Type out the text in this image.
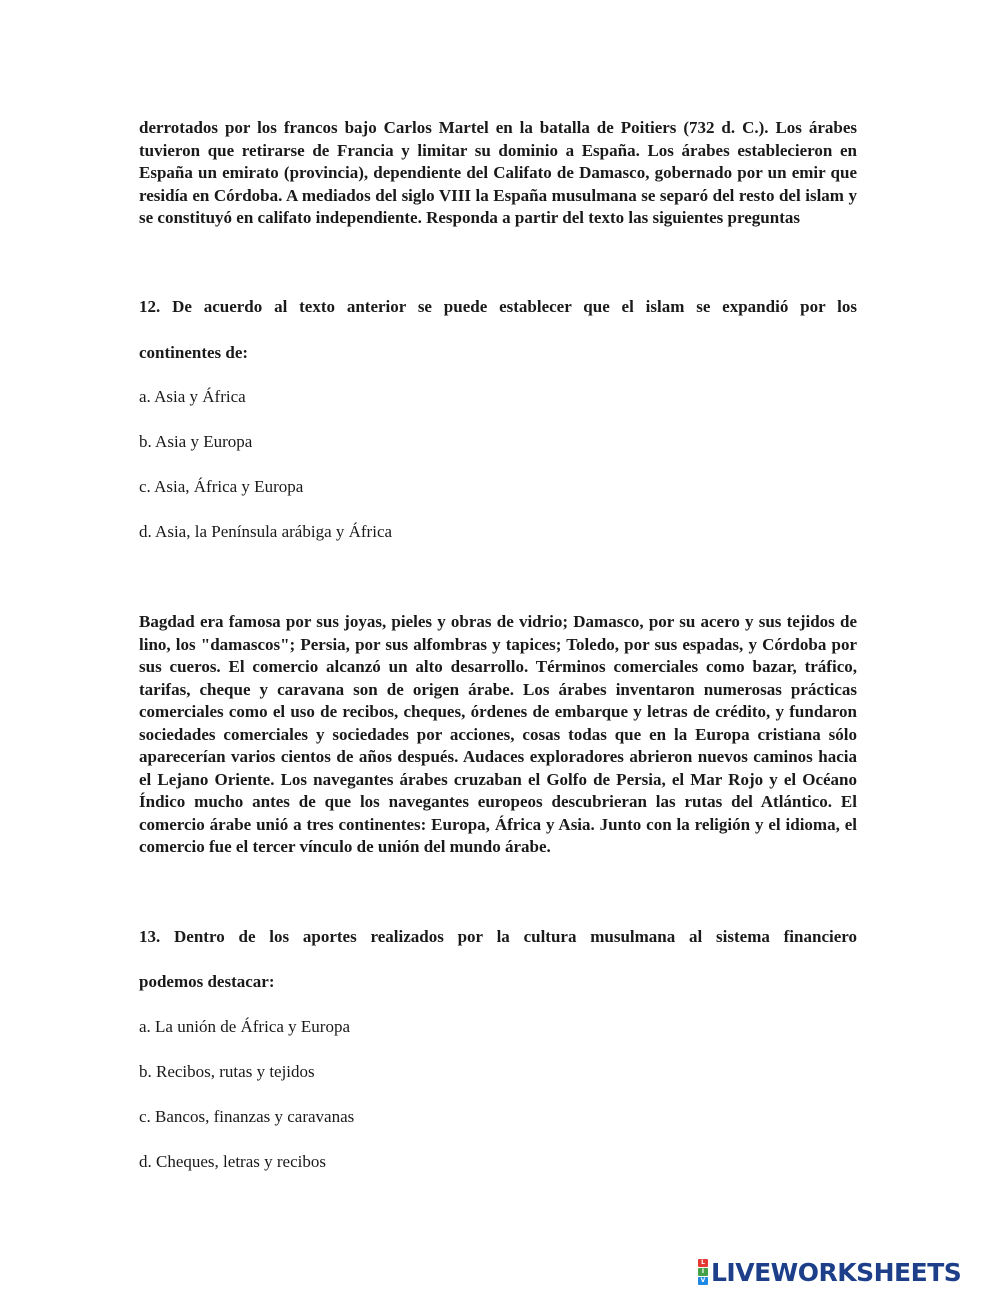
derrotados por los francos bajo Carlos Martel en la batalla de Poitiers (732 d. C.). Los árabes tuvieron que retirarse de Francia y limitar su dominio a España. Los árabes establecieron en España un emirato (provincia), dependiente del Califato de Damasco, gobernado por un emir que residía en Córdoba. A mediados del siglo VIII la España musulmana se separó del resto del islam y se constituyó en califato independiente. Responda a partir del texto las siguientes preguntas

12. De acuerdo al texto anterior se puede establecer que el islam se expandió por los

continentes de:

a. Asia y África

b. Asia y Europa

c. Asia, África y Europa

d. Asia, la Península arábiga y África

Bagdad era famosa por sus joyas, pieles y obras de vidrio; Damasco, por su acero y sus tejidos de lino, los "damascos"; Persia, por sus alfombras y tapices; Toledo, por sus espadas, y Córdoba por sus cueros. El comercio alcanzó un alto desarrollo. Términos comerciales como bazar, tráfico, tarifas, cheque y caravana son de origen árabe. Los árabes inventaron numerosas prácticas comerciales como el uso de recibos, cheques, órdenes de embarque y letras de crédito, y fundaron sociedades comerciales y sociedades por acciones, cosas todas que en la Europa cristiana sólo aparecerían varios cientos de años después. Audaces exploradores abrieron nuevos caminos hacia el Lejano Oriente. Los navegantes árabes cruzaban el Golfo de Persia, el Mar Rojo y el Océano Índico mucho antes de que los navegantes europeos descubrieran las rutas del Atlántico. El comercio árabe unió a tres continentes: Europa, África y Asia. Junto con la religión y el idioma, el comercio fue el tercer vínculo de unión del mundo árabe.

13. Dentro de los aportes realizados por la cultura musulmana al sistema financiero

podemos destacar:

a. La unión de África y Europa

b. Recibos, rutas y tejidos

c. Bancos, finanzas y caravanas

d. Cheques, letras y recibos

L
I
V LIVEWORKSHEETS
